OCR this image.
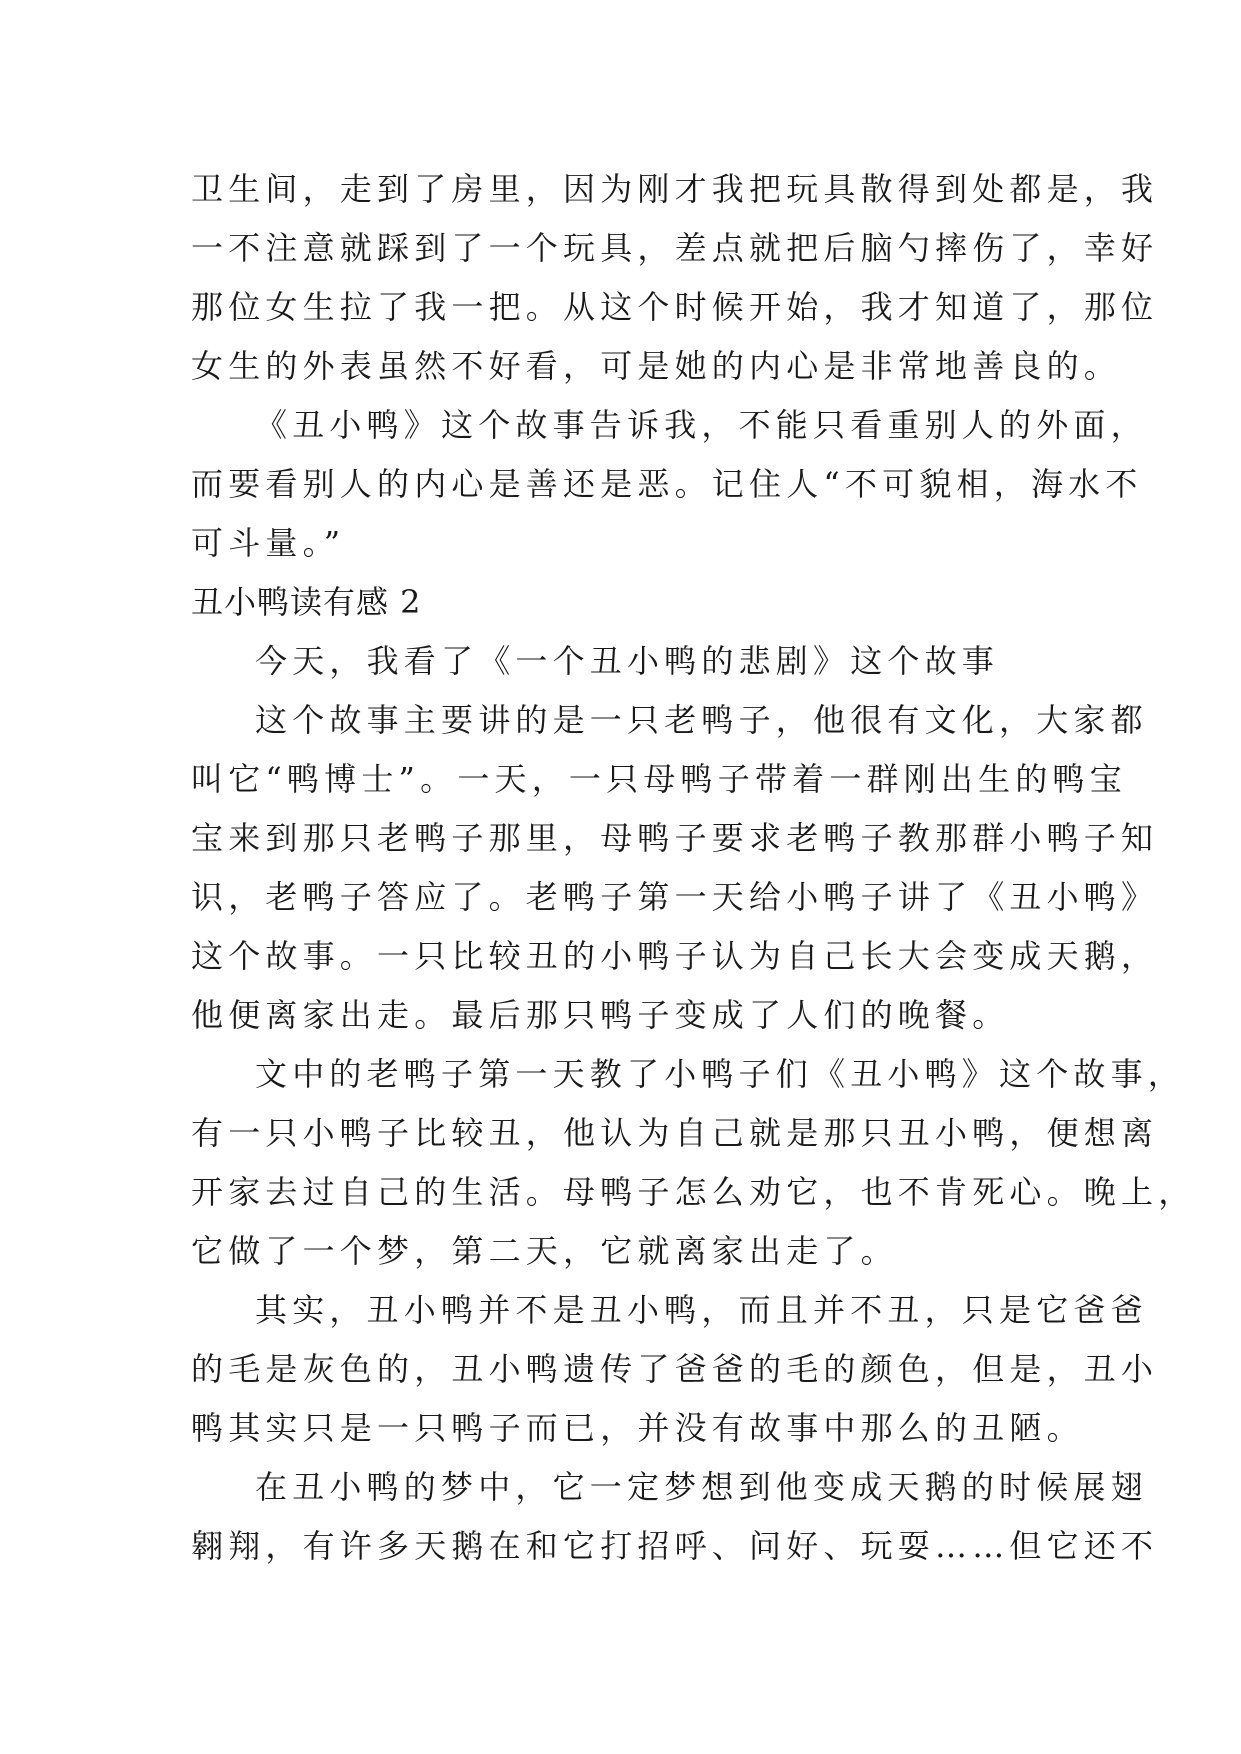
卫生间，走到了房里，因为刚才我把玩具散得到处都是，我
一不注意就踩到了一个玩具，差点就把后脑勺摔伤了，幸好
那位女生拉了我一把。从这个时候开始，我才知道了，那位
女生的外表虽然不好看，可是她的内心是非常地善良的。
《丑小鸭》这个故事告诉我，不能只看重别人的外面，
而要看别人的内心是善还是恶。记住人“不可貌相，海水不
可斗量。”
丑小鸭读有感 2
今天，我看了《一个丑小鸭的悲剧》这个故事
这个故事主要讲的是一只老鸭子，他很有文化，大家都
叫它“鸭博士”。一天，一只母鸭子带着一群刚出生的鸭宝
宝来到那只老鸭子那里，母鸭子要求老鸭子教那群小鸭子知
识，老鸭子答应了。老鸭子第一天给小鸭子讲了《丑小鸭》
这个故事。一只比较丑的小鸭子认为自己长大会变成天鹅，
他便离家出走。最后那只鸭子变成了人们的晚餐。
文中的老鸭子第一天教了小鸭子们《丑小鸭》这个故事，
有一只小鸭子比较丑，他认为自己就是那只丑小鸭，便想离
开家去过自己的生活。母鸭子怎么劝它，也不肯死心。晚上，
它做了一个梦，第二天，它就离家出走了。
其实，丑小鸭并不是丑小鸭，而且并不丑，只是它爸爸
的毛是灰色的，丑小鸭遗传了爸爸的毛的颜色，但是，丑小
鸭其实只是一只鸭子而已，并没有故事中那么的丑陋。
在丑小鸭的梦中，它一定梦想到他变成天鹅的时候展翅
翱翔，有许多天鹅在和它打招呼、问好、玩耍……但它还不
